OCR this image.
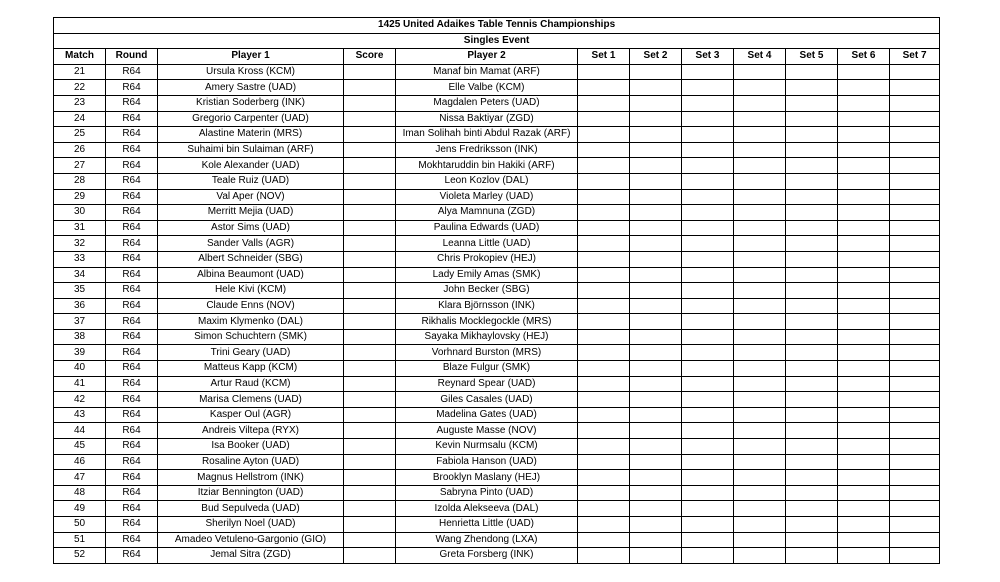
1425 United Adaikes Table Tennis Championships											
Singles Event											
Match	Round	Player 1	Score	Player 2	Set 1	Set 2	Set 3	Set 4	Set 5	Set 6	Set 7
21	R64	Ursula Kross (KCM)		Manaf bin Mamat (ARF)							
22	R64	Amery Sastre (UAD)		Elle Valbe (KCM)							
23	R64	Kristian Soderberg (INK)		Magdalen Peters (UAD)							
24	R64	Gregorio Carpenter (UAD)		Nissa Baktiyar (ZGD)							
25	R64	Alastine Materin (MRS)		Iman Solihah binti Abdul Razak (ARF)							
26	R64	Suhaimi bin Sulaiman (ARF)		Jens Fredriksson (INK)							
27	R64	Kole Alexander (UAD)		Mokhtaruddin bin Hakiki (ARF)							
28	R64	Teale Ruiz (UAD)		Leon Kozlov (DAL)							
29	R64	Val Aper (NOV)		Violeta Marley (UAD)							
30	R64	Merritt Mejia (UAD)		Alya Mamnuna (ZGD)							
31	R64	Astor Sims (UAD)		Paulina Edwards (UAD)							
32	R64	Sander Valls (AGR)		Leanna Little (UAD)							
33	R64	Albert Schneider (SBG)		Chris Prokopiev (HEJ)							
34	R64	Albina Beaumont (UAD)		Lady Emily Amas (SMK)							
35	R64	Hele Kivi (KCM)		John Becker (SBG)							
36	R64	Claude Enns (NOV)		Klara Björnsson (INK)							
37	R64	Maxim Klymenko (DAL)		Rikhalis Mocklegockle (MRS)							
38	R64	Simon Schuchtern (SMK)		Sayaka Mikhaylovsky (HEJ)							
39	R64	Trini Geary (UAD)		Vorhnard Burston (MRS)							
40	R64	Matteus Kapp (KCM)		Blaze Fulgur (SMK)							
41	R64	Artur Raud (KCM)		Reynard Spear (UAD)							
42	R64	Marisa Clemens (UAD)		Giles Casales (UAD)							
43	R64	Kasper Oul (AGR)		Madelina Gates (UAD)							
44	R64	Andreis Viltepa (RYX)		Auguste Masse (NOV)							
45	R64	Isa Booker (UAD)		Kevin Nurmsalu (KCM)							
46	R64	Rosaline Ayton (UAD)		Fabiola Hanson (UAD)							
47	R64	Magnus Hellstrom (INK)		Brooklyn Maslany (HEJ)							
48	R64	Itziar Bennington (UAD)		Sabryna Pinto (UAD)							
49	R64	Bud Sepulveda (UAD)		Izolda Alekseeva (DAL)							
50	R64	Sherilyn Noel (UAD)		Henrietta Little (UAD)							
51	R64	Amadeo Vetuleno-Gargonio (GIO)		Wang Zhendong (LXA)							
52	R64	Jemal Sitra (ZGD)		Greta Forsberg (INK)							
